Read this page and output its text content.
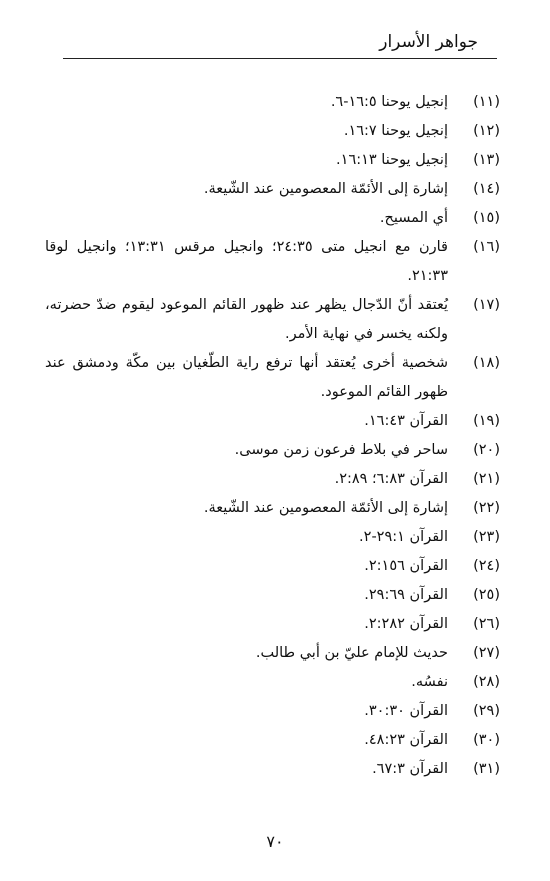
جواهر الأسرار
(١١)
إنجيل يوحنا ١٦:٥-٦.
(١٢)
إنجيل يوحنا ١٦:٧.
(١٣)
إنجيل يوحنا ١٦:١٣.
(١٤)
إشارة إلى الأئمّة المعصومين عند الشّيعة.
(١٥)
أي المسيح.
(١٦)
قارن مع انجيل متى ٢٤:٣٥؛ وانجيل مرقس ١٣:٣١؛ وانجيل لوقا ٢١:٣٣.
(١٧)
يُعتقد أنّ الدّجال يظهر عند ظهور القائم الموعود ليقوم ضدّ حضرته، ولكنه يخسر في نهاية الأمر.
(١٨)
شخصية أخرى يُعتقد أنها ترفع راية الطّغيان بين مكّة ودمشق عند ظهور القائم الموعود.
(١٩)
القرآن ١٦:٤٣.
(٢٠)
ساحر في بلاط فرعون زمن موسى.
(٢١)
القرآن ٦:٨٣؛ ٢:٨٩.
(٢٢)
إشارة إلى الأئمّة المعصومين عند الشّيعة.
(٢٣)
القرآن ٢٩:١-٢.
(٢٤)
القرآن ٢:١٥٦.
(٢٥)
القرآن ٢٩:٦٩.
(٢٦)
القرآن ٢:٢٨٢.
(٢٧)
حديث للإمام عليّ بن أبي طالب.
(٢٨)
نفسُه.
(٢٩)
القرآن ٣٠:٣٠.
(٣٠)
القرآن ٤٨:٢٣.
(٣١)
القرآن ٦٧:٣.
٧٠
